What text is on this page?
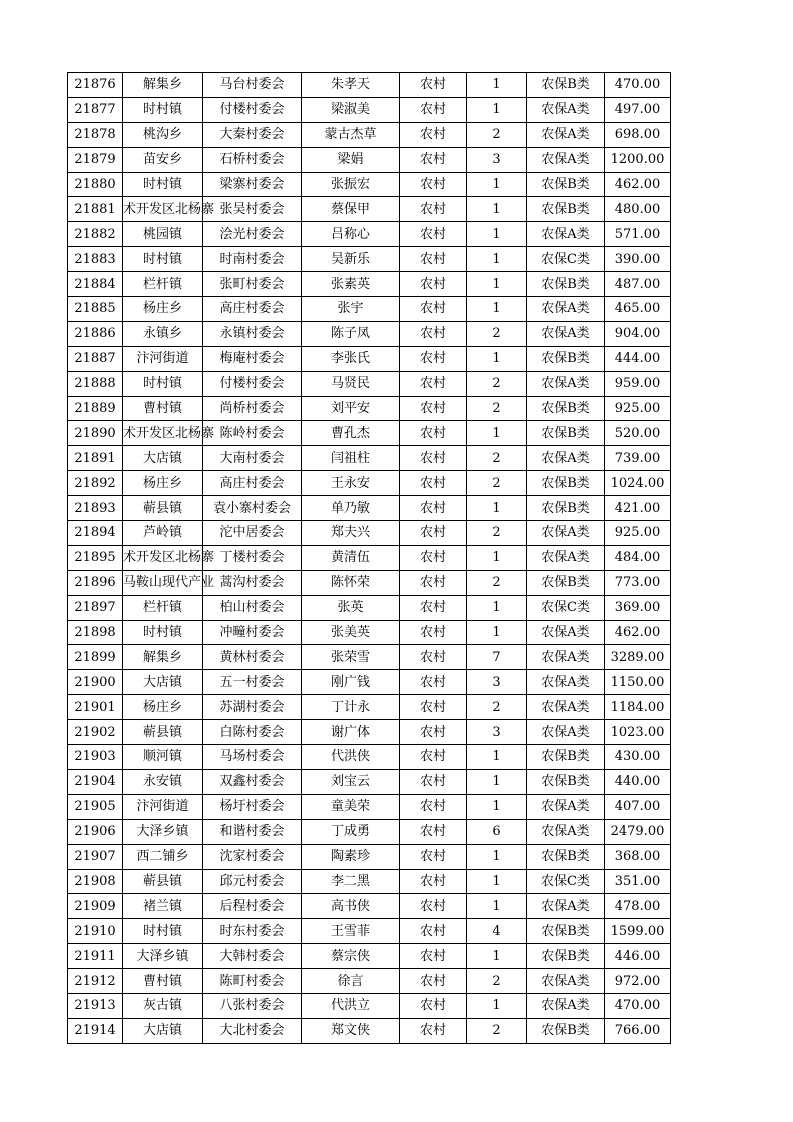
21876	解集乡	马台村委会	朱孝天	农村	1	农保B类	470.00
21877	时村镇	付楼村委会	梁淑美	农村	1	农保A类	497.00
21878	桃沟乡	大秦村委会	蒙古杰草	农村	2	农保A类	698.00
21879	苗安乡	石桥村委会	梁娟	农村	3	农保A类	1200.00
21880	时村镇	梁寨村委会	张振宏	农村	1	农保B类	462.00
21881	术开发区北杨寨	张吴村委会	蔡保甲	农村	1	农保B类	480.00
21882	桃园镇	浍光村委会	吕称心	农村	1	农保A类	571.00
21883	时村镇	时南村委会	吴新乐	农村	1	农保C类	390.00
21884	栏杆镇	张町村委会	张素英	农村	1	农保B类	487.00
21885	杨庄乡	高庄村委会	张宇	农村	1	农保A类	465.00
21886	永镇乡	永镇村委会	陈子凤	农村	2	农保A类	904.00
21887	汴河街道	梅庵村委会	李张氏	农村	1	农保B类	444.00
21888	时村镇	付楼村委会	马贤民	农村	2	农保A类	959.00
21889	曹村镇	尚桥村委会	刘平安	农村	2	农保B类	925.00
21890	术开发区北杨寨	陈岭村委会	曹孔杰	农村	1	农保B类	520.00
21891	大店镇	大南村委会	闫祖柱	农村	2	农保A类	739.00
21892	杨庄乡	高庄村委会	王永安	农村	2	农保B类	1024.00
21893	蕲县镇	袁小寨村委会	单乃敏	农村	1	农保B类	421.00
21894	芦岭镇	沱中居委会	郑夫兴	农村	2	农保A类	925.00
21895	术开发区北杨寨	丁楼村委会	黄清伍	农村	1	农保A类	484.00
21896	马鞍山现代产业	蒿沟村委会	陈怀荣	农村	2	农保B类	773.00
21897	栏杆镇	柏山村委会	张英	农村	1	农保C类	369.00
21898	时村镇	冲疃村委会	张美英	农村	1	农保A类	462.00
21899	解集乡	黄林村委会	张荣雪	农村	7	农保A类	3289.00
21900	大店镇	五一村委会	刚广钱	农村	3	农保A类	1150.00
21901	杨庄乡	苏湖村委会	丁计永	农村	2	农保A类	1184.00
21902	蕲县镇	白陈村委会	谢广体	农村	3	农保A类	1023.00
21903	顺河镇	马场村委会	代洪侠	农村	1	农保B类	430.00
21904	永安镇	双鑫村委会	刘宝云	农村	1	农保B类	440.00
21905	汴河街道	杨圩村委会	童美荣	农村	1	农保A类	407.00
21906	大泽乡镇	和谐村委会	丁成勇	农村	6	农保A类	2479.00
21907	西二铺乡	沈家村委会	陶素珍	农村	1	农保B类	368.00
21908	蕲县镇	邱元村委会	李二黑	农村	1	农保C类	351.00
21909	褚兰镇	后程村委会	高书侠	农村	1	农保A类	478.00
21910	时村镇	时东村委会	王雪菲	农村	4	农保B类	1599.00
21911	大泽乡镇	大韩村委会	蔡宗侠	农村	1	农保B类	446.00
21912	曹村镇	陈町村委会	徐言	农村	2	农保A类	972.00
21913	灰古镇	八张村委会	代洪立	农村	1	农保A类	470.00
21914	大店镇	大北村委会	郑文侠	农村	2	农保B类	766.00
